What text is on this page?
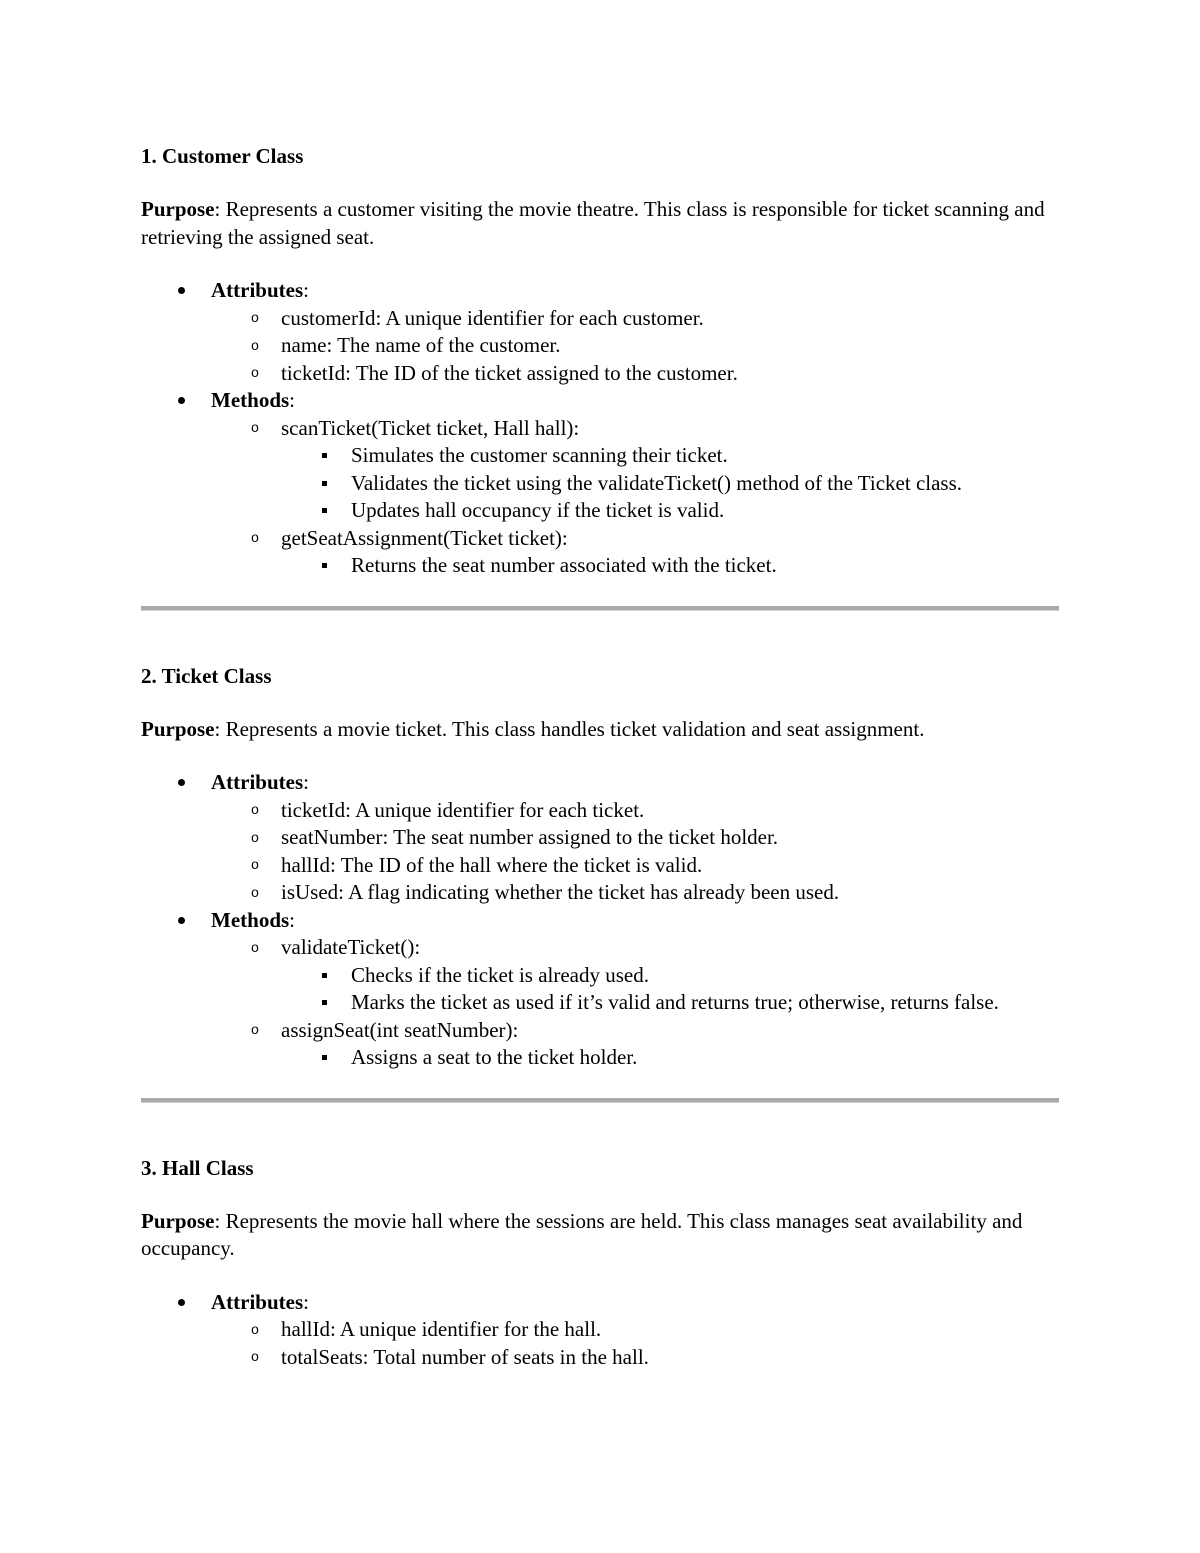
1. Customer Class

Purpose: Represents a customer visiting the movie theatre. This class is responsible for ticket scanning and retrieving the assigned seat.

Attributes:
o customerId: A unique identifier for each customer.
o name: The name of the customer.
o ticketId: The ID of the ticket assigned to the customer.
Methods:
o scanTicket(Ticket ticket, Hall hall):
Simulates the customer scanning their ticket.
Validates the ticket using the validateTicket() method of the Ticket class.
Updates hall occupancy if the ticket is valid.
o getSeatAssignment(Ticket ticket):
Returns the seat number associated with the ticket.

2. Ticket Class

Purpose: Represents a movie ticket. This class handles ticket validation and seat assignment.

Attributes:
o ticketId: A unique identifier for each ticket.
o seatNumber: The seat number assigned to the ticket holder.
o hallId: The ID of the hall where the ticket is valid.
o isUsed: A flag indicating whether the ticket has already been used.
Methods:
o validateTicket():
Checks if the ticket is already used.
Marks the ticket as used if it’s valid and returns true; otherwise, returns false.
o assignSeat(int seatNumber):
Assigns a seat to the ticket holder.

3. Hall Class

Purpose: Represents the movie hall where the sessions are held. This class manages seat availability and occupancy.

Attributes:
o hallId: A unique identifier for the hall.
o totalSeats: Total number of seats in the hall.
